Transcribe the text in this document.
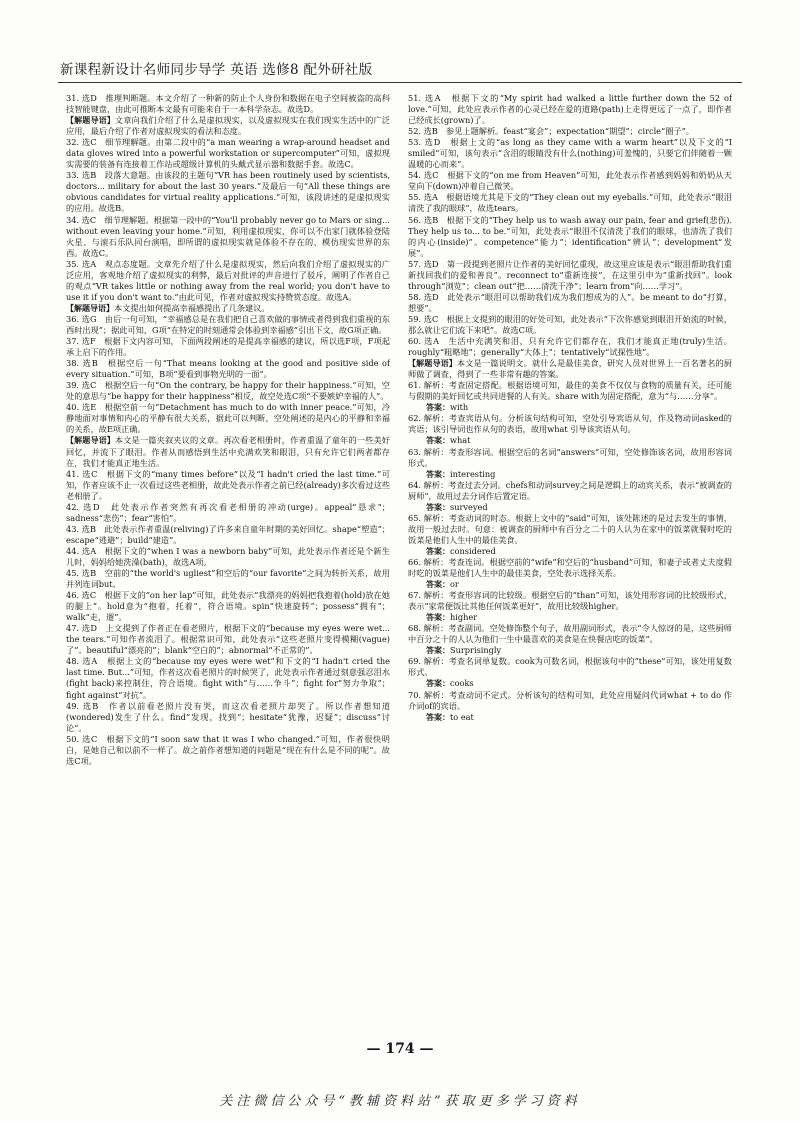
新课程新设计名师同步导学 英语 选修8 配外研社版

31. 选D　推理判断题。本文介绍了一种新的防止个人身份和数据在电子空间被盗的高科技智能键盘，由此可推断本文最有可能来自于一本科学杂志。故选D。

【解题导语】文章向我们介绍了什么是虚拟现实，以及虚拟现实在我们现实生活中的广泛应用，最后介绍了作者对虚拟现实的看法和态度。

32. 选C　细节理解题。由第二段中的“a man wearing a wrap-around headset and data gloves wired into a powerful workstation or supercomputer”可知，虚拟现实需要的装备有连接着工作站或超级计算机的头戴式显示器和数据手套。故选C。

33. 选B　段落大意题。由该段的主题句“VR has been routinely used by scientists, doctors... military for about the last 30 years.”及最后一句“All these things are obvious candidates for virtual reality applications.”可知，该段讲述的是虚拟现实的应用。故选B。

34. 选C　细节理解题。根据第一段中的“You'll probably never go to Mars or sing... without even leaving your home.”可知，利用虚拟现实，你可以不出家门就体验登陆火星、与滚石乐队同台演唱，即所谓的虚拟现实就是体验不存在的、模仿现实世界的东西。故选C。

35. 选A　观点态度题。文章先介绍了什么是虚拟现实，然后向我们介绍了虚拟现实的广泛应用，客观地介绍了虚拟现实的利弊，最后对批评的声音进行了驳斥，阐明了作者自己的观点“VR takes little or nothing away from the real world; you don't have to use it if you don't want to.”由此可见，作者对虚拟现实持赞赏态度。故选A。

【解题导语】本文提出如何提高幸福感提出了几条建议。

36. 选G　由后一句可知，“幸福感总是在我们把自己喜欢做的事情或者得到我们重视的东西时出现”；据此可知，G项“在特定的时刻通常会体验到幸福感”引出下文，故G项正确。

37. 选F　根据下文内容可知，下面两段阐述的是提高幸福感的建议，所以选F项，F项起承上启下的作用。

38. 选B　根据空后一句“That means looking at the good and positive side of every situation.”可知，B项“要看到事物光明的一面”。

39. 选C　根据空后一句“On the contrary, be happy for their happiness.”可知，空处的意思与“be happy for their happiness”相反，故空处选C项“不要嫉妒幸福的人”。

40. 选E　根据空前一句“Detachment has much to do with inner peace.”可知，冷静地面对事情和内心的平静有很大关系，据此可以判断，空处阐述的是内心的平静和幸福的关系，故E项正确。

【解题导语】本文是一篇夹叙夹议的文章。再次看老相册时，作者重温了童年的一些美好回忆，并流下了眼泪。作者从而感悟到生活中充满欢笑和眼泪，只有允许它们两者都存在，我们才能真正地生活。

41. 选C　根据下文的“many times before”以及“I hadn't cried the last time.”可知，作者应该不止一次看过这些老相册，故此处表示作者之前已经(already)多次看过这些老相册了。

42. 选D　此处表示作者突然有再次看老相册的冲动(urge)。appeal“恳求”；sadness“悲伤”；fear“害怕”。

43. 选B　此处表示作者重温(reliving)了许多来自童年时期的美好回忆。shape“塑造”；escape“逃避”；build“建造”。

44. 选A　根据下文的“when I was a newborn baby”可知，此处表示作者还是个新生儿时，妈妈给她洗澡(bath)，故选A项。

45. 选B　空前的“the world's ugliest”和空后的“our favorite”之间为转折关系，故用并列连词but。

46. 选C　根据下文的“on her lap”可知，此处表示“我漂亮的妈妈把我抱着(hold)放在她的腿上”。hold意为“抱着，托着”，符合语境。spin“快速旋转”；possess“拥有”；walk“走，遛”。

47. 选D　上文提到了作者正在看老照片，根据下文的“because my eyes were wet... the tears.”可知作者流泪了。根据常识可知，此处表示“这些老照片变得模糊(vague)了”。beautiful“漂亮的”；blank“空白的”；abnormal“不正常的”。

48. 选A　根据上文的“because my eyes were wet”和下文的“I hadn't cried the last time. But...”可知，作者这次看老照片的时候哭了，此处表示作者通过刻意强忍泪水(fight back)来控制住，符合语境。fight with“与……争斗”；fight for“努力争取”；fight against“对抗”。

49. 选B　作者以前看老照片没有哭，而这次看老照片却哭了。所以作者想知道(wondered)发生了什么。find“发现，找到”；hesitate“犹豫，迟疑”；discuss“讨论”。

50. 选C　根据下文的“I soon saw that it was I who changed.”可知，作者很快明白，是她自己和以前不一样了。故之前作者想知道的问题是“现在有什么是不同的呢”。故选C项。

51. 选A　根据下文的“My spirit had walked a little further down the 52 of love.”可知，此处应表示作者的心灵已经在爱的道路(path)上走得更远了一点了，即作者已经成长(grown)了。

52. 选B　参见上题解析。feast“宴会”；expectation“期望”；circle“圈子”。

53. 选D　根据上文的“as long as they came with a warm heart”以及下文的“I smiled”可知，该句表示“含泪的眼睛没有什么(nothing)可羞愧的，只要它们伴随着一颗温暖的心而来”。

54. 选C　根据下文的“on me from Heaven”可知，此处表示作者感到妈妈和奶奶从天堂向下(down)冲着自己微笑。

55. 选A　根据语境尤其是下文的“They clean out my eyeballs.”可知，此处表示“眼泪清洗了我的眼球”，故选tears。

56. 选B　根据下文的“They help us to wash away our pain, fear and grief(悲伤). They help us to... to be.”可知，此处表示“眼泪不仅清洗了我们的眼球，也清洗了我们的内心(inside)”。competence“能力”；identification“辨认”；development“发展”。

57. 选D　第一段提到老照片让作者的美好回忆重现，故这里应该是表示“眼泪帮助我们重新找回我们的爱和善良”。reconnect to“重新连接”，在这里引申为“重新找回”。look through“浏览”；clean out“把……清洗干净”；learn from“向……学习”。

58. 选D　此处表示“眼泪可以帮助我们成为我们想成为的人”。be meant to do“打算，想要”。

59. 选C　根据上文提到的眼泪的好处可知，此处表示“下次你感觉到眼泪开始流的时候，那么就让它们流下来吧”。故选C项。

60. 选A　生活中充满笑和泪，只有允许它们都存在，我们才能真正地(truly)生活。roughly“粗略地”；generally“大体上”；tentatively“试探性地”。

【解题导语】本文是一篇说明文。就什么是最佳美食，研究人员对世界上一百名著名的厨师做了调查，得到了一些非常有趣的答案。

61. 解析：考查固定搭配。根据语境可知，最佳的美食不仅仅与食物的质量有关，还可能与假期的美好回忆或共同进餐的人有关。share with为固定搭配，意为“与……分享”。

答案：with

62. 解析：考查宾语从句。分析该句结构可知，空处引导宾语从句，作及物动词asked的宾语；该引导词也作从句的表语，故用what 引导该宾语从句。

答案：what

63. 解析：考查形容词。根据空后的名词“answers”可知，空处修饰该名词，故用形容词形式。

答案：interesting

64. 解析：考查过去分词。chefs和动词survey之间是逻辑上的动宾关系，表示“被调查的厨师”，故用过去分词作后置定语。

答案：surveyed

65. 解析：考查动词的时态。根据上文中的“said”可知，该处陈述的是过去发生的事情，故用一般过去时。句意：被调查的厨师中有百分之二十的人认为在家中的饭菜就餐时吃的饭菜是他们人生中的最佳美食。

答案：considered

66. 解析：考查连词。根据空前的“wife”和空后的“husband”可知，和妻子或者丈夫度假时吃的饭菜是他们人生中的最佳美食，空处表示选择关系。

答案：or

67. 解析：考查形容词的比较级。根据空后的“than”可知，该处用形容词的比较级形式，表示“家常便饭比其他任何饭菜更好”，故用比较级higher。

答案：higher

68. 解析：考查副词。空处修饰整个句子，故用副词形式，表示“令人惊讶的是，这些厨师中百分之十的人认为他们一生中最喜欢的美食是在快餐店吃的饭菜”。

答案：Surprisingly

69. 解析：考查名词单复数。cook为可数名词，根据该句中的“these”可知，该处用复数形式。

答案：cooks

70. 解析：考查动词不定式。分析该句的结构可知，此处应用疑问代词what + to do 作介词of的宾语。

答案：to eat

— 174 —
关注微信公众号“教辅资料站”获取更多学习资料
